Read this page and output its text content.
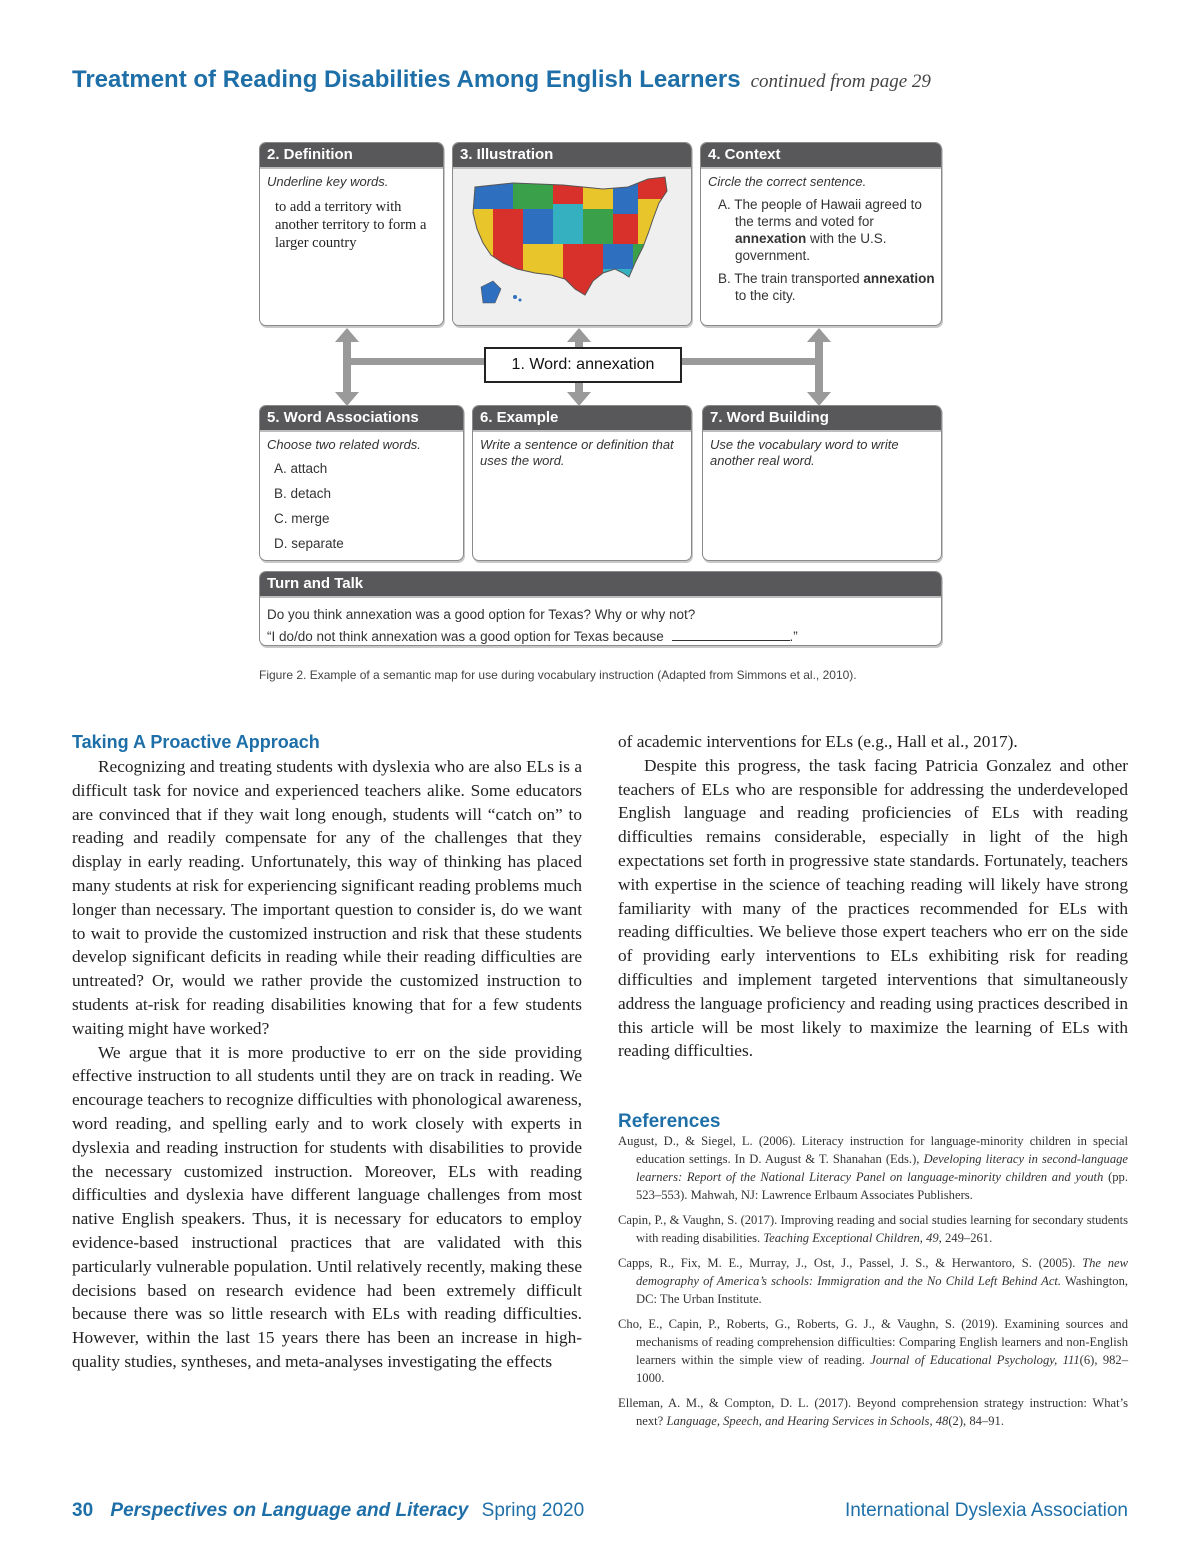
Treatment of Reading Disabilities Among English Learners continued from page 29
2. Definition
Underline key words.
to add a territory with another territory to form a larger country
3. Illustration	4. Context
Circle the correct sentence.
A. The people of Hawaii agreed to the terms and voted for annexation with the U.S. government.
B. The train transported annexation to the city.
1. Word: annexation
5. Word Associations
Choose two related words.
A. attach
B. detach
C. merge
D. separate
6. Example
Write a sentence or definition that uses the word.
7. Word Building
Use the vocabulary word to write another real word.
Turn and Talk
Do you think annexation was a good option for Texas? Why or why not?
“I do/do not think annexation was a good option for Texas because	.”
Figure 2. Example of a semantic map for use during vocabulary instruction (Adapted from Simmons et al., 2010).
Taking A Proactive Approach

Recognizing and treating students with dyslexia who are also ELs is a difficult task for novice and experienced teachers alike. Some educators are convinced that if they wait long enough, students will “catch on” to reading and readily compensate for any of the challenges that they display in early reading. Unfortunately, this way of thinking has placed many students at risk for experiencing significant reading problems much longer than necessary. The important question to consider is, do we want to wait to provide the customized instruction and risk that these students develop significant deficits in reading while their reading difficulties are untreated? Or, would we rather provide the customized instruction to students at-risk for reading disabilities knowing that for a few students waiting might have worked?

We argue that it is more productive to err on the side providing effective instruction to all students until they are on track in reading. We encourage teachers to recognize difficulties with phonological awareness, word reading, and spelling early and to work closely with experts in dyslexia and reading instruction for students with disabilities to provide the necessary customized instruction. Moreover, ELs with reading difficulties and dyslexia have different language challenges from most native English speakers. Thus, it is necessary for educators to employ evidence-based instructional practices that are validated with this particularly vulnerable population. Until relatively recently, making these decisions based on research evidence had been extremely difficult because there was so little research with ELs with reading difficulties. However, within the last 15 years there has been an increase in high-quality studies, syntheses, and meta-analyses investigating the effects

of academic interventions for ELs (e.g., Hall et al., 2017).

Despite this progress, the task facing Patricia Gonzalez and other teachers of ELs who are responsible for addressing the underdeveloped English language and reading proficiencies of ELs with reading difficulties remains considerable, especially in light of the high expectations set forth in progressive state standards. Fortunately, teachers with expertise in the science of teaching reading will likely have strong familiarity with many of the practices recommended for ELs with reading difficulties. We believe those expert teachers who err on the side of providing early interventions to ELs exhibiting risk for reading difficulties and implement targeted interventions that simultaneously address the language proficiency and reading using practices described in this article will be most likely to maximize the learning of ELs with reading difficulties.

References
August, D., & Siegel, L. (2006). Literacy instruction for language-minority children in special education settings. In D. August & T. Shanahan (Eds.), Developing literacy in second-language learners: Report of the National Literacy Panel on language-minority children and youth (pp. 523–553). Mahwah, NJ: Lawrence Erlbaum Associates Publishers.
Capin, P., & Vaughn, S. (2017). Improving reading and social studies learning for secondary students with reading disabilities. Teaching Exceptional Children, 49, 249–261.
Capps, R., Fix, M. E., Murray, J., Ost, J., Passel, J. S., & Herwantoro, S. (2005). The new demography of America’s schools: Immigration and the No Child Left Behind Act. Washington, DC: The Urban Institute.
Cho, E., Capin, P., Roberts, G., Roberts, G. J., & Vaughn, S. (2019). Examining sources and mechanisms of reading comprehension difficulties: Comparing English learners and non-English learners within the simple view of reading. Journal of Educational Psychology, 111(6), 982–1000.
Elleman, A. M., & Compton, D. L. (2017). Beyond comprehension strategy instruction: What’s next? Language, Speech, and Hearing Services in Schools, 48(2), 84–91.
30 Perspectives on Language and Literacy Spring 2020	International Dyslexia Association
